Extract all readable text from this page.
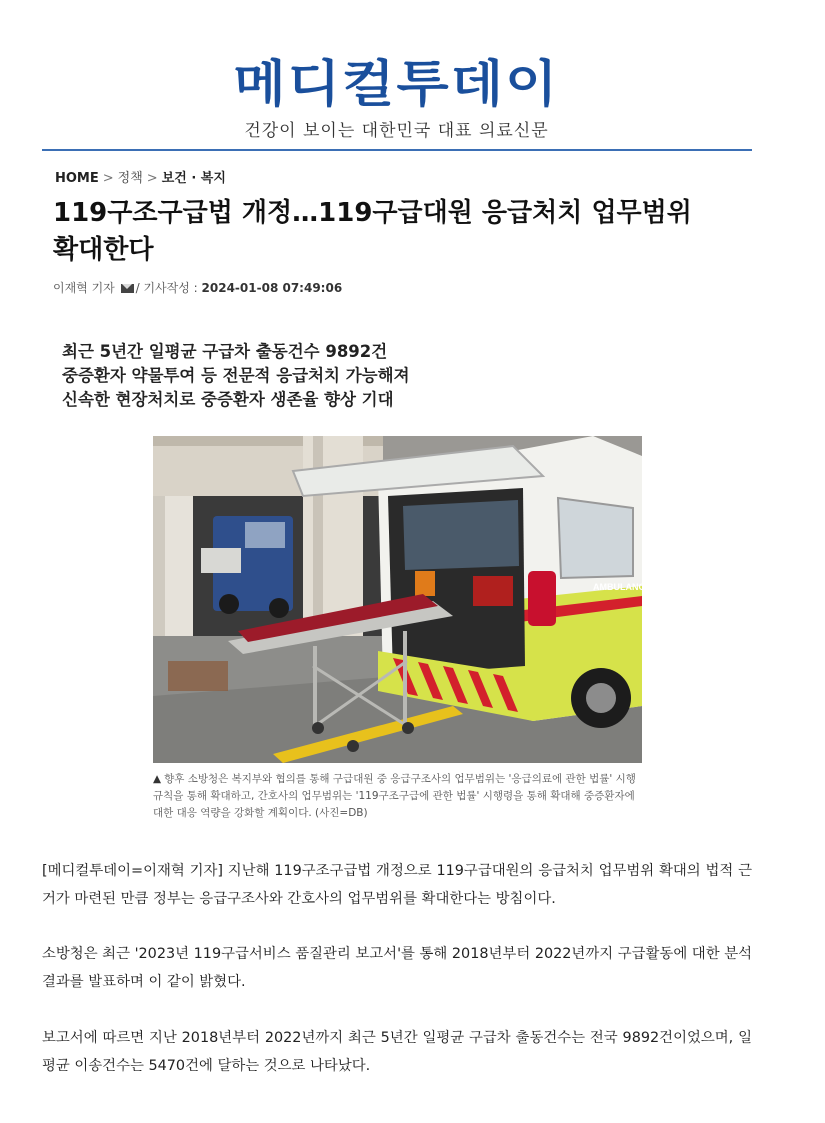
메디컬투데이
건강이 보이는 대한민국 대표 의료신문
HOME > 정책 > 보건 · 복지
119구조구급법 개정…119구급대원 응급처치 업무범위
확대한다
이재혁 기자 / 기사작성 : 2024-01-08 07:49:06
최근 5년간 일평균 구급차 출동건수 9892건
중증환자 약물투여 등 전문적 응급처치 가능해져
신속한 현장처치로 중증환자 생존율 향상 기대
AMBULANCE
▲ 향후 소방청은 복지부와 협의를 통해 구급대원 중 응급구조사의 업무범위는 '응급의료에 관한 법률' 시행규칙을 통해 확대하고, 간호사의 업무범위는 '119구조구급에 관한 법률' 시행령을 통해 확대해 중증환자에 대한 대응 역량을 강화할 계획이다. (사진=DB)

[메디컬투데이=이재혁 기자] 지난해 119구조구급법 개정으로 119구급대원의 응급처치 업무범위 확대의 법적 근거가 마련된 만큼 정부는 응급구조사와 간호사의 업무범위를 확대한다는 방침이다.

소방청은 최근 '2023년 119구급서비스 품질관리 보고서'를 통해 2018년부터 2022년까지 구급활동에 대한 분석 결과를 발표하며 이 같이 밝혔다.

보고서에 따르면 지난 2018년부터 2022년까지 최근 5년간 일평균 구급차 출동건수는 전국 9892건이었으며, 일평균 이송건수는 5470건에 달하는 것으로 나타났다.
